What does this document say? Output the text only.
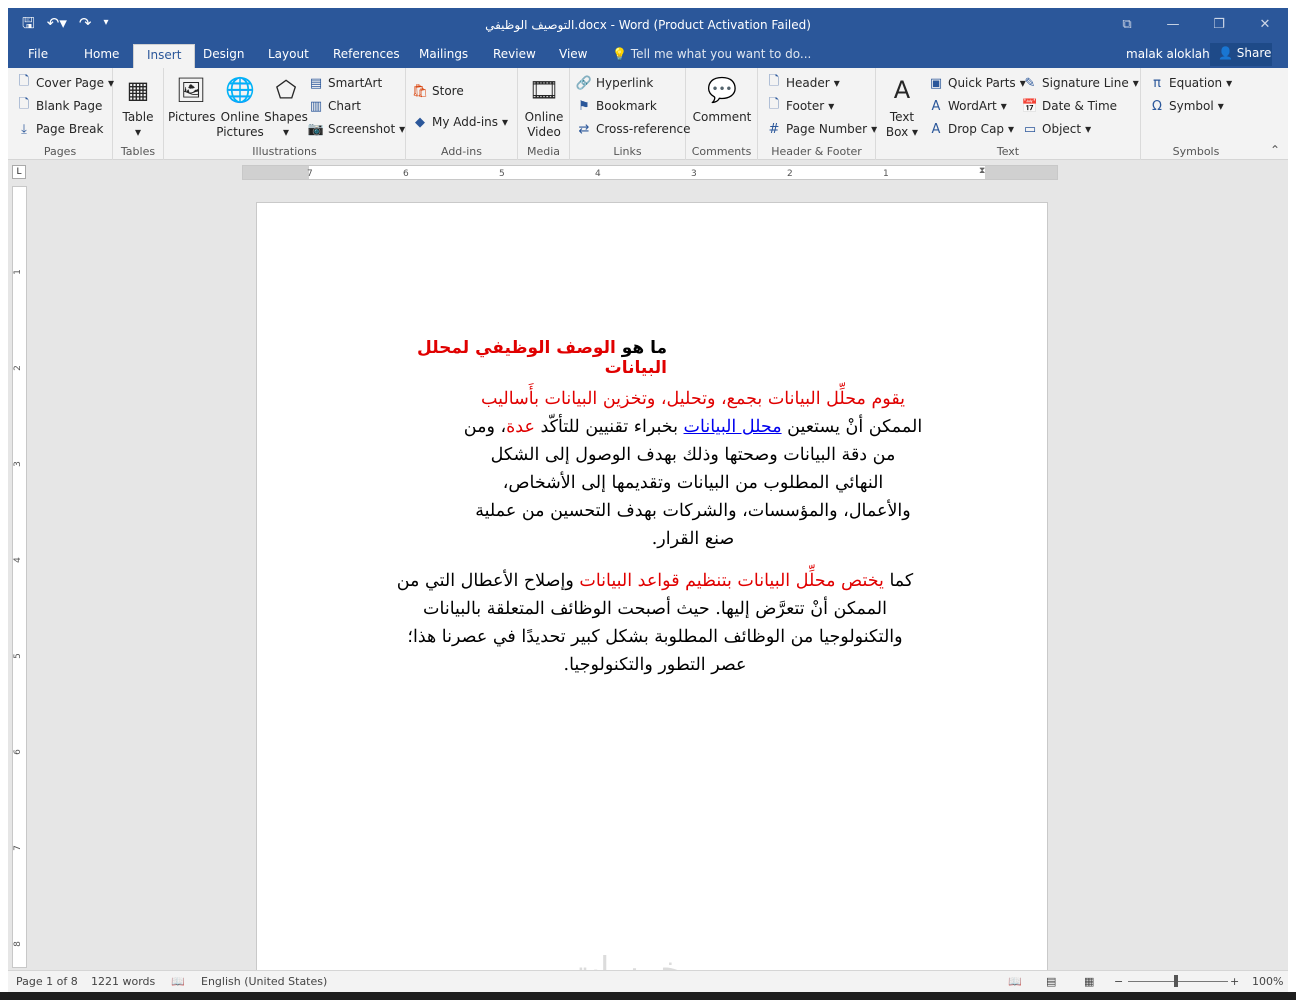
🖫 ↶▾ ↷ ▾	التوصيف الوظيفي.docx - Word (Product Activation Failed)	⧉	—	❐	✕
File	Home	Insert	Design Layout References Mailings Review View 💡 Tell me what you want to do...	malak aloklah 👤 Share
🗋 Cover Page ▾
🗋 Blank Page
⤓ Page Break
Pages
▦
Table
▾
Tables
🖼
Pictures
🌐
Online Pictures
⬠
Shapes
▾
▤ SmartArt
▥ Chart
📷 Screenshot ▾
Illustrations
🛍 Store
◆ My Add-ins ▾
Add-ins
🎞
Online Video
Media
🔗 Hyperlink
⚑ Bookmark
⇄ Cross-reference
Links
💬
Comment
Comments
🗋 Header ▾
🗋 Footer ▾
# Page Number ▾
Header & Footer
A
Text Box ▾
▣ Quick Parts ▾
A WordArt ▾
A Drop Cap ▾
✎ Signature Line ▾
📅 Date & Time
▭ Object ▾
Text
π Equation ▾
Ω Symbol ▾
Symbols	⌃
L	7	6	5	4	3	2	1	⧗
1
2
3
4
5
6
7
8
ما هو الوصف الوظيفي لمحلل البيانات
يقوم محلِّل البيانات بجمع، وتحليل، وتخزين البيانات بأَساليب
الممكن أنْ يستعين محلل البيانات بخبراء تقنيين للتأكّد عدة، ومن
من دقة البيانات وصحتها وذلك بهدف الوصول إلى الشكل
النهائي المطلوب من البيانات وتقديمها إلى الأشخاص،
والأعمال، والمؤسسات، والشركات بهدف التحسين من عملية
صنع القرار.
كما يختص محلِّل البيانات بتنظيم قواعد البيانات وإصلاح الأعطال التي من
الممكن أنْ تتعرَّض إليها. حيث أصبحت الوظائف المتعلقة بالبيانات
والتكنولوجيا من الوظائف المطلوبة بشكل كبير تحديدًا في عصرنا هذا؛
عصر التطور والتكنولوجيا.
Page 1 of 8 1221 words 📖 English (United States)	📖 ▤	▦ −	+ 100%
